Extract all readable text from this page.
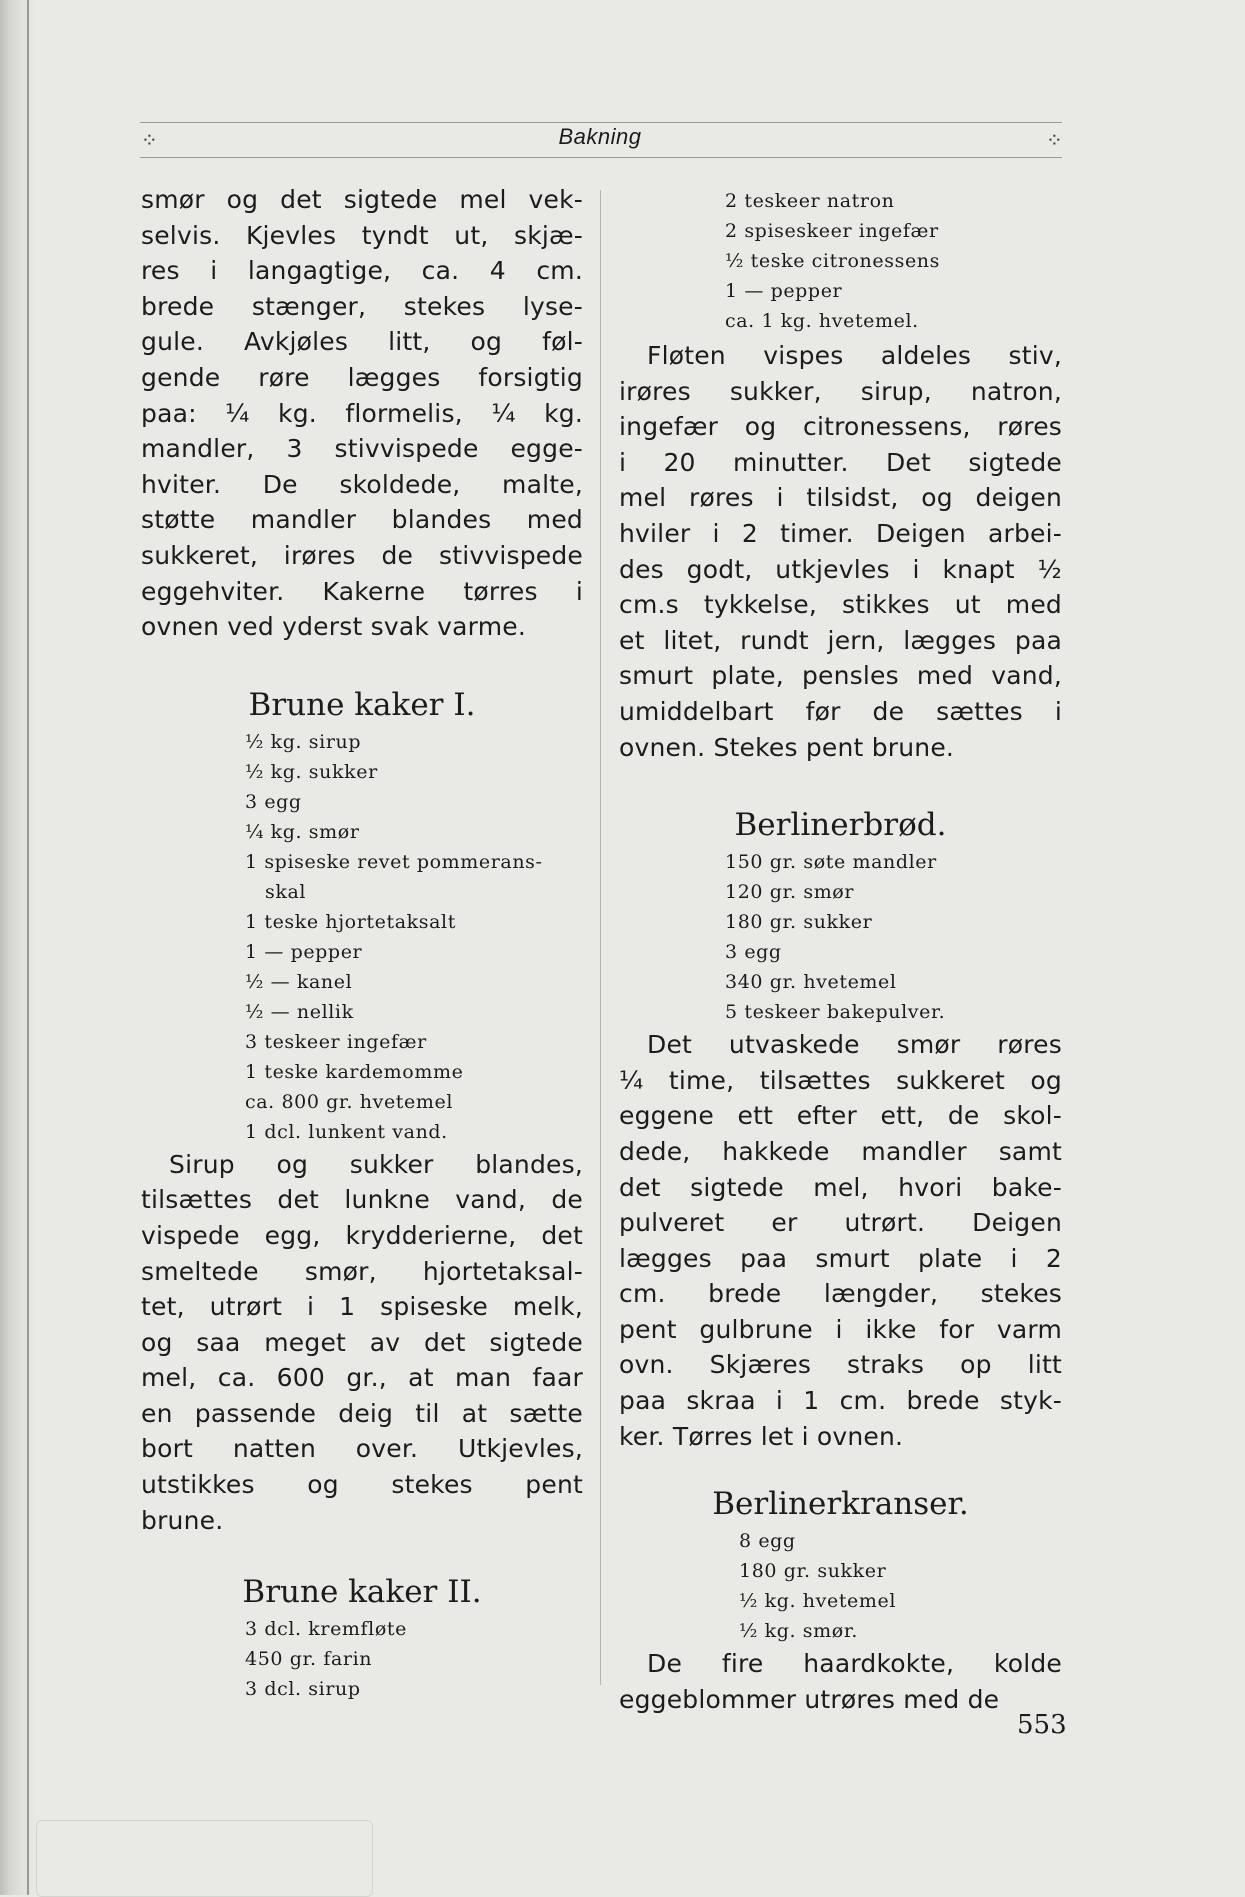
⁘	⁘
Bakning
smør og det sigtede mel vek-
selvis. Kjevles tyndt ut, skjæ-
res i langagtige, ca. 4 cm.
brede stænger, stekes lyse-
gule. Avkjøles litt, og føl-
gende røre lægges forsigtig
paa: ¼ kg. flormelis, ¼ kg.
mandler, 3 stivvispede egge-
hviter. De skoldede, malte,
støtte mandler blandes med
sukkeret, irøres de stivvispede
eggehviter. Kakerne tørres i
ovnen ved yderst svak varme.
Brune kaker I.
½ kg. sirup
½ kg. sukker
3 egg
¼ kg. smør
1 spiseske revet pommerans-
skal
1 teske hjortetaksalt
1 — pepper
½ — kanel
½ — nellik
3 teskeer ingefær
1 teske kardemomme
ca. 800 gr. hvetemel
1 dcl. lunkent vand.
Sirup og sukker blandes,
tilsættes det lunkne vand, de
vispede egg, krydderierne, det
smeltede smør, hjortetaksal-
tet, utrørt i 1 spiseske melk,
og saa meget av det sigtede
mel, ca. 600 gr., at man faar
en passende deig til at sætte
bort natten over. Utkjevles,
utstikkes og stekes pent
brune.
Brune kaker II.
3 dcl. kremfløte
450 gr. farin
3 dcl. sirup
2 teskeer natron
2 spiseskeer ingefær
½ teske citronessens
1 — pepper
ca. 1 kg. hvetemel.
Fløten vispes aldeles stiv,
irøres sukker, sirup, natron,
ingefær og citronessens, røres
i 20 minutter. Det sigtede
mel røres i tilsidst, og deigen
hviler i 2 timer. Deigen arbei-
des godt, utkjevles i knapt ½
cm.s tykkelse, stikkes ut med
et litet, rundt jern, lægges paa
smurt plate, pensles med vand,
umiddelbart før de sættes i
ovnen. Stekes pent brune.
Berlinerbrød.
150 gr. søte mandler
120 gr. smør
180 gr. sukker
3 egg
340 gr. hvetemel
5 teskeer bakepulver.
Det utvaskede smør røres
¼ time, tilsættes sukkeret og
eggene ett efter ett, de skol-
dede, hakkede mandler samt
det sigtede mel, hvori bake-
pulveret er utrørt. Deigen
lægges paa smurt plate i 2
cm. brede længder, stekes
pent gulbrune i ikke for varm
ovn. Skjæres straks op litt
paa skraa i 1 cm. brede styk-
ker. Tørres let i ovnen.
Berlinerkranser.
8 egg
180 gr. sukker
½ kg. hvetemel
½ kg. smør.
De fire haardkokte, kolde
eggeblommer utrøres med de
553
